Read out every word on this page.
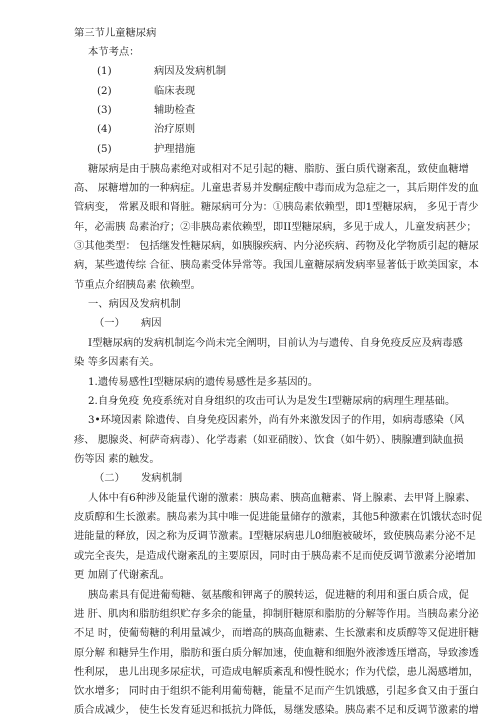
第三节儿童糖尿病
本节考点：
(1)	病因及发病机制
(2)	临床表现
(3)	辅助检查
(4)	治疗原则
(5)	护理措施
糖尿病是由于胰岛素绝对或相对不足引起的糖、脂肪、蛋白质代谢紊乱，致使血糖增
高、 尿糖增加的一种病症。儿童患者易并发酮症酸中毒而成为急症之一，其后期伴发的血
管病变， 常累及眼和肾脏。糖尿病可分为：①胰岛素依赖型，即1型糖尿病， 多见于青少
年，必需胰 岛素治疗；②非胰岛素依赖型，即II型糖尿病，多见于成人，儿童发病甚少；
③其他类型： 包括继发性糖尿病，如胰腺疾病、内分泌疾病、药物及化学物质引起的糖尿
病，某些遗传综 合征、胰岛素受体异常等。我国儿童糖尿病发病率显著低于欧美国家，本
节重点介绍胰岛素 依赖型。
一、病因及发病机制
（一） 病因
I型糖尿病的发病机制迄今尚未完全阐明，目前认为与遗传、自身免疫反应及病毒感
染 等多因素有关。
1.遗传易感性I型糖尿病的遗传易感性是多基因的。
2.自身免疫 免疫系统对自身组织的攻击可认为是发生I型糖尿病的病理生理基础。
3•环境因素 除遗传、自身免疫因素外，尚有外来激发因子的作用，如病毒感染（风
疹、 腮腺炎、柯萨奇病毒）、化学毒素（如亚硝胺）、饮食（如牛奶）、胰腺遭到缺血损
伤等因 素的触发。
（二） 发病机制
人体中有6种涉及能量代谢的激素：胰岛素、胰高血糖素、肾上腺素、去甲肾上腺素、
皮质醇和生长激素。胰岛素为其中唯一促进能量储存的激素，其他5种激素在饥饿状态时促
进能量的释放，因之称为反调节激素。I型糖尿病患儿0细胞被破坏，致使胰岛素分泌不足
或完全丧失，是造成代谢紊乱的主要原因，同时由于胰岛素不足而使反调节激素分泌增加
更 加剧了代谢紊乱。
胰岛素具有促进葡萄糖、氨基酸和钾离子的膜转运，促进糖的利用和蛋白质合成，促
进 肝、肌肉和脂肪组织贮存多余的能量，抑制肝糖原和脂肪的分解等作用。当胰岛素分泌
不足 时，使葡萄糖的利用量减少，而增高的胰高血糖素、生长激素和皮质醇等又促进肝糖
原分解 和糖异生作用，脂肪和蛋白质分解加速，使血糖和细胞外液渗透压增高，导致渗透
性利尿， 患儿出现多尿症状，可造成电解质紊乱和慢性脱水；作为代偿，患儿渴感增加，
饮水增多； 同时由于组织不能利用葡萄糖，能量不足而产生饥饿感，引起多食又由于蛋白
质合成减少， 使生长发育延迟和抵抗力降低，易继发感染。胰岛素不足和反调节激素的增
